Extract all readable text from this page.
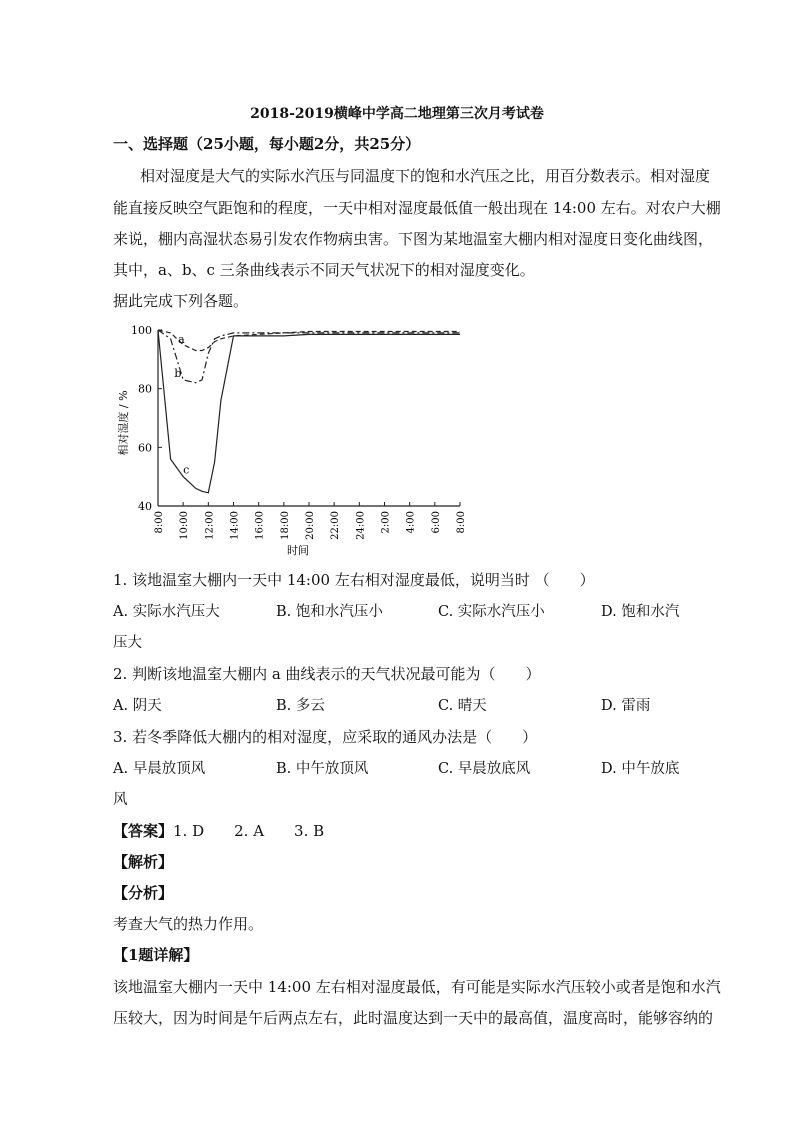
2018-2019横峰中学高二地理第三次月考试卷
一、选择题（25小题，每小题2分，共25分）
相对湿度是大气的实际水汽压与同温度下的饱和水汽压之比，用百分数表示。相对湿度
能直接反映空气距饱和的程度，一天中相对湿度最低值一般出现在 14:00 左右。对农户大棚
来说，棚内高湿状态易引发农作物病虫害。下图为某地温室大棚内相对湿度日变化曲线图，
其中，a、b、c 三条曲线表示不同天气状况下的相对湿度变化。
据此完成下列各题。
40
60
80
100
8:00 10:00 12:00 14:00 16:00 18:00 20:00 22:00 24:00 2:00 4:00 6:00 8:00
a
b
c
相对湿度 / %
时间
1. 该地温室大棚内一天中 14:00 左右相对湿度最低，说明当时 （　　）
A. 实际水汽压大	B. 饱和水汽压小	C. 实际水汽压小	D. 饱和水汽
压大
2. 判断该地温室大棚内 a 曲线表示的天气状况最可能为（　　）
A. 阴天	B. 多云	C. 晴天	D. 雷雨
3. 若冬季降低大棚内的相对湿度，应采取的通风办法是（　　）
A. 早晨放顶风	B. 中午放顶风	C. 早晨放底风	D. 中午放底
风
【答案】1. D　　2. A　　3. B
【解析】
【分析】
考查大气的热力作用。
【1题详解】
该地温室大棚内一天中 14:00 左右相对湿度最低，有可能是实际水汽压较小或者是饱和水汽
压较大，因为时间是午后两点左右，此时温度达到一天中的最高值，温度高时，能够容纳的
